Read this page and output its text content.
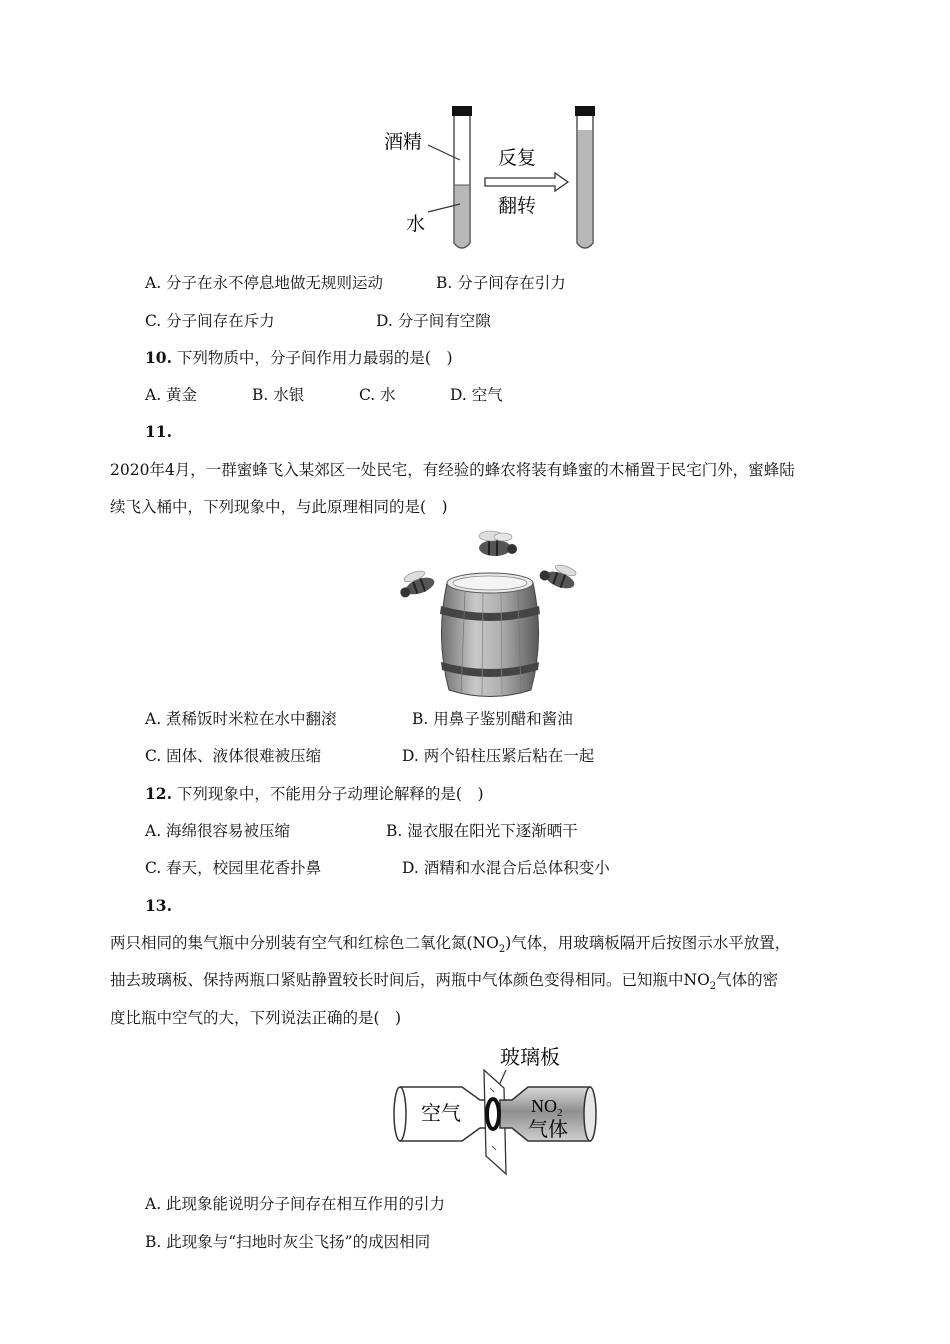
酒精
水
反复
翻转
A. 分子在永不停息地做无规则运动	B. 分子间存在引力
C. 分子间存在斥力	D. 分子间有空隙
10. 下列物质中，分子间作用力最弱的是(　)
A. 黄金	B. 水银	C. 水	D. 空气
11.
2020年4月，一群蜜蜂飞入某郊区一处民宅，有经验的蜂农将装有蜂蜜的木桶置于民宅门外，蜜蜂陆
续飞入桶中，下列现象中，与此原理相同的是(　)
A. 煮稀饭时米粒在水中翻滚	B. 用鼻子鉴别醋和酱油
C. 固体、液体很难被压缩	D. 两个铅柱压紧后粘在一起
12. 下列现象中，不能用分子动理论解释的是(　)
A. 海绵很容易被压缩	B. 湿衣服在阳光下逐渐晒干
C. 春天，校园里花香扑鼻	D. 酒精和水混合后总体积变小
13.
两只相同的集气瓶中分别装有空气和红棕色二氧化氮$(NO_2)$气体，用玻璃板隔开后按图示水平放置，
抽去玻璃板、保持两瓶口紧贴静置较长时间后，两瓶中气体颜色变得相同。已知瓶中$NO_2$气体的密
度比瓶中空气的大，下列说法正确的是(　)
玻璃板
空气	$NO_2$
气体
A. 此现象能说明分子间存在相互作用的引力
B. 此现象与“扫地时灰尘飞扬”的成因相同
